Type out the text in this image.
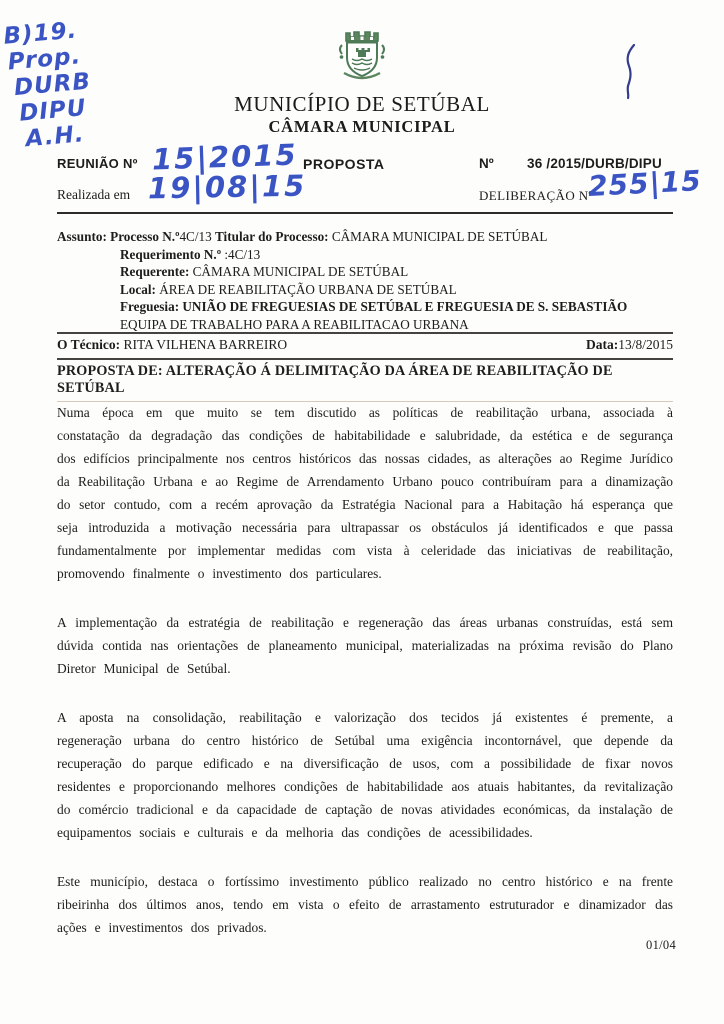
B)19.
Prop.
DURB
DIPU
A.H.
MUNICÍPIO DE SETÚBAL
CÂMARA MUNICIPAL
REUNIÃO Nº 15|2015
Realizada em 19|08|15
PROPOSTA	Nº 36 /2015/DURB/DIPU
DELIBERAÇÃO Nº
255|15
Assunto: Processo N.º4C/13 Titular do Processo: CÂMARA MUNICIPAL DE SETÚBAL
Requerimento N.º :4C/13
Requerente: CÂMARA MUNICIPAL DE SETÚBAL
Local: ÁREA DE REABILITAÇÃO URBANA DE SETÚBAL
Freguesia: UNIÃO DE FREGUESIAS DE SETÚBAL E FREGUESIA DE S. SEBASTIÃO
EQUIPA DE TRABALHO PARA A REABILITACAO URBANA
O Técnico: RITA VILHENA BARREIRO	Data:13/8/2015
PROPOSTA DE: ALTERAÇÃO Á DELIMITAÇÃO DA ÁREA DE REABILITAÇÃO DE SETÚBAL

Numa época em que muito se tem discutido as políticas de reabilitação urbana, associada à constatação da degradação das condições de habitabilidade e salubridade, da estética e de segurança dos edifícios principalmente nos centros históricos das nossas cidades, as alterações ao Regime Jurídico da Reabilitação Urbana e ao Regime de Arrendamento Urbano pouco contribuíram para a dinamização do setor contudo, com a recém aprovação da Estratégia Nacional para a Habitação há esperança que seja introduzida a motivação necessária para ultrapassar os obstáculos já identificados e que passa fundamentalmente por implementar medidas com vista à celeridade das iniciativas de reabilitação, promovendo finalmente o investimento dos particulares.

A implementação da estratégia de reabilitação e regeneração das áreas urbanas construídas, está sem dúvida contida nas orientações de planeamento municipal, materializadas na próxima revisão do Plano Diretor Municipal de Setúbal.

A aposta na consolidação, reabilitação e valorização dos tecidos já existentes é premente, a regeneração urbana do centro histórico de Setúbal uma exigência incontornável, que depende da recuperação do parque edificado e na diversificação de usos, com a possibilidade de fixar novos residentes e proporcionando melhores condições de habitabilidade aos atuais habitantes, da revitalização do comércio tradicional e da capacidade de captação de novas atividades económicas, da instalação de equipamentos sociais e culturais e da melhoria das condições de acessibilidades.

Este município, destaca o fortíssimo investimento público realizado no centro histórico e na frente ribeirinha dos últimos anos, tendo em vista o efeito de arrastamento estruturador e dinamizador das ações e investimentos dos privados.

01/04
